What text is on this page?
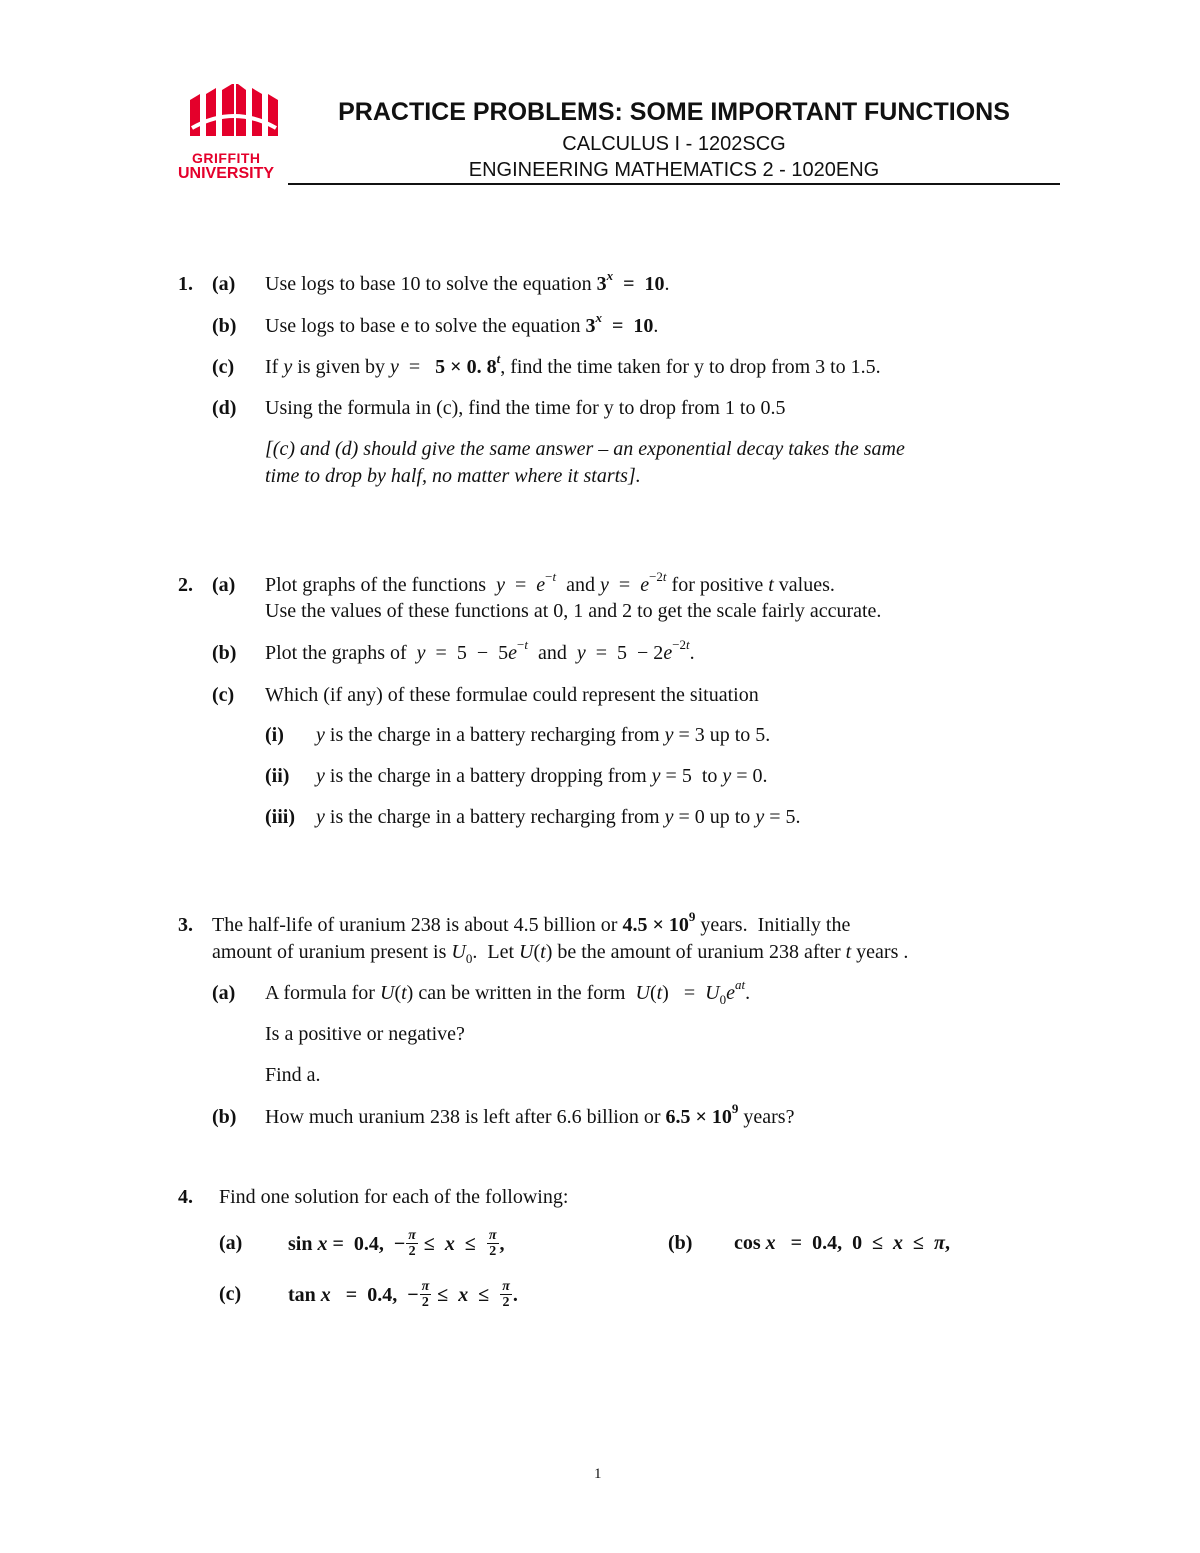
GRIFFITH
UNIVERSITY
PRACTICE PROBLEMS: SOME IMPORTANT FUNCTIONS
CALCULUS I - 1202SCG
ENGINEERING MATHEMATICS 2 - 1020ENG
1. (a) Use logs to base 10 to solve the equation 3$^x$  =  10.
(b) Use logs to base e to solve the equation 3$^x$  =  10.
(c) If y is given by y  =   5 × 0. 8$^t$, find the time taken for y to drop from 3 to 1.5.
(d) Using the formula in (c), find the time for y to drop from 1 to 0.5
[(c) and (d) should give the same answer – an exponential decay takes the same
time to drop by half, no matter where it starts].
2. (a) Plot graphs of the functions  $y = e^{-t}$  and $y = e^{-2t}$ for positive t values.
Use the values of these functions at 0, 1 and 2 to get the scale fairly accurate.
(b) Plot the graphs of  $y = 5 - 5e^{-t}$  and  $y = 5 - 2e^{-2t}$.
(c) Which (if any) of these formulae could represent the situation
(i) y is the charge in a battery recharging from y = 3 up to 5.
(ii) y is the charge in a battery dropping from y = 5  to y = 0.
(iii) y is the charge in a battery recharging from y = 0 up to y = 5.
3. The half-life of uranium 238 is about 4.5 billion or $4.5 \times 10^9$ years.  Initially the
amount of uranium present is $U_0$.  Let U(t) be the amount of uranium 238 after t years .
(a) A formula for U(t) can be written in the form  $U(t) = U_0e^{at}$.
Is a positive or negative?
Find a.
(b) How much uranium 238 is left after 6.6 billion or $6.5 \times 10^9$ years?
4. Find one solution for each of the following:
(a) sin x =  0.4,  − $\frac{\pi}{2} \le x \le \frac{\pi}{2}$ ,	(b) cos x   =  0.4,  0  ≤  x  ≤  π,
(c) tan x   =  0.4,  − $\frac{\pi}{2} \le x \le \frac{\pi}{2}$ .
1
